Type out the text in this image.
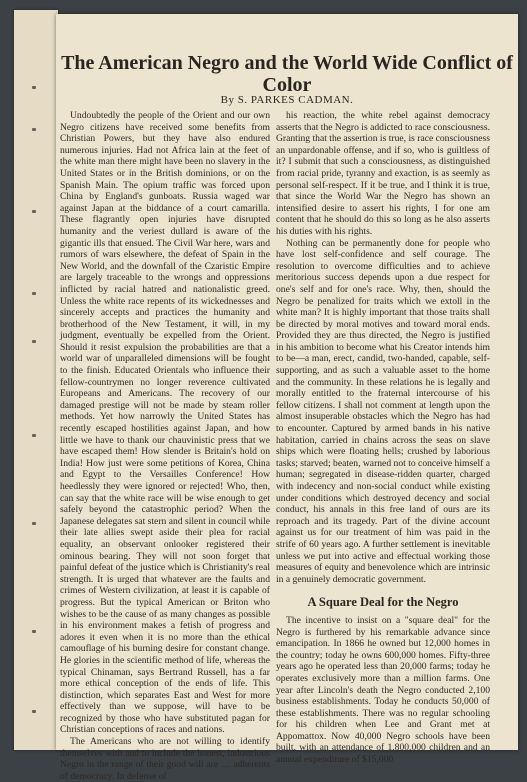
The American Negro and the World Wide Conflict of Color
By S. PARKES CADMAN.

Undoubtedly the people of the Orient and our own Negro citizens have received some benefits from Christian Powers, but they have also endured numerous injuries. Had not Africa lain at the feet of the white man there might have been no slavery in the United States or in the British dominions, or on the Spanish Main. The opium traffic was forced upon China by England's gunboats. Russia waged war against Japan at the biddance of a court camarilla. These flagrantly open injuries have disrupted humanity and the veriest dullard is aware of the gigantic ills that ensued. The Civil War here, wars and rumors of wars elsewhere, the defeat of Spain in the New World, and the downfall of the Czaristic Empire are largely traceable to the wrongs and oppressions inflicted by racial hatred and nationalistic greed. Unless the white race repents of its wickednesses and sincerely accepts and practices the humanity and brotherhood of the New Testament, it will, in my judgment, eventually be expelled from the Orient. Should it resist expulsion the probabilities are that a world war of unparalleled dimensions will be fought to the finish. Educated Orientals who influence their fellow-countrymen no longer reverence cultivated Europeans and Americans. The recovery of our damaged prestige will not be made by steam roller methods. Yet how narrowly the United States has recently escaped hostilities against Japan, and how little we have to thank our chauvinistic press that we have escaped them! How slender is Britain's hold on India! How just were some petitions of Korea, China and Egypt to the Versailles Conference! How heedlessly they were ignored or rejected! Who, then, can say that the white race will be wise enough to get safely beyond the catastrophic period? When the Japanese delegates sat stern and silent in council while their late allies swept aside their plea for racial equality, an observant onlooker registered their ominous bearing. They will not soon forget that painful defeat of the justice which is Christianity's real strength. It is urged that whatever are the faults and crimes of Western civilization, at least it is capable of progress. But the typical American or Briton who wishes to be the cause of as many changes as possible in his environment makes a fetish of progress and adores it even when it is no more than the ethical camouflage of his burning desire for constant change. He glories in the scientific method of life, whereas the typical Chinaman, says Bertrand Russell, has a far more ethical conception of the ends of life. This distinction, which separates East and West for more effectively than we suppose, will have to be recognized by those who have substituted pagan for Christian conceptions of races and nations.

The Americans who are not willing to identify themselves with and to include the honest, industrious Negro in the range of their good will are … adherents of democracy. In defense of

his reaction, the white rebel against democracy asserts that the Negro is addicted to race consciousness. Granting that the assertion is true, is race consciousness an unpardonable offense, and if so, who is guiltless of it? I submit that such a consciousness, as distinguished from racial pride, tyranny and exaction, is as seemly as personal self-respect. If it be true, and I think it is true, that since the World War the Negro has shown an intensified desire to assert his rights, I for one am content that he should do this so long as he also asserts his duties with his rights.

Nothing can be permanently done for people who have lost self-confidence and self courage. The resolution to overcome difficulties and to achieve meritorious success depends upon a due respect for one's self and for one's race. Why, then, should the Negro be penalized for traits which we extoll in the white man? It is highly important that those traits shall be directed by moral motives and toward moral ends. Provided they are thus directed, the Negro is justified in his ambition to become what his Creator intends him to be—a man, erect, candid, two-handed, capable, self-supporting, and as such a valuable asset to the home and the community. In these relations he is legally and morally entitled to the fraternal intercourse of his fellow citizens. I shall not comment at length upon the almost insuperable obstacles which the Negro has had to encounter. Captured by armed bands in his native habitation, carried in chains across the seas on slave ships which were floating hells; crushed by laborious tasks; starved; beaten, warned not to conceive himself a human; segregated in disease-ridden quarter, charged with indecency and non-social conduct while existing under conditions which destroyed decency and social conduct, his annals in this free land of ours are its reproach and its tragedy. Part of the divine account against us for our treatment of him was paid in the strife of 60 years ago. A further settlement is inevitable unless we put into active and effectual working those measures of equity and benevolence which are intrinsic in a genuinely democratic government.

A Square Deal for the Negro

The incentive to insist on a "square deal" for the Negro is furthered by his remarkable advance since emancipation. In 1866 he owned but 12,000 homes in the country; today he owns 600,000 homes. Fifty-three years ago he operated less than 20,000 farms; today he operates exclusively more than a million farms. One year after Lincoln's death the Negro conducted 2,100 business establishments. Today he conducts 50,000 of these establishments. There was no regular schooling for his children when Lee and Grant met at Appomattox. Now 40,000 Negro schools have been built, with an attendance of 1,800,000 children and an annual expenditure of $15,000
